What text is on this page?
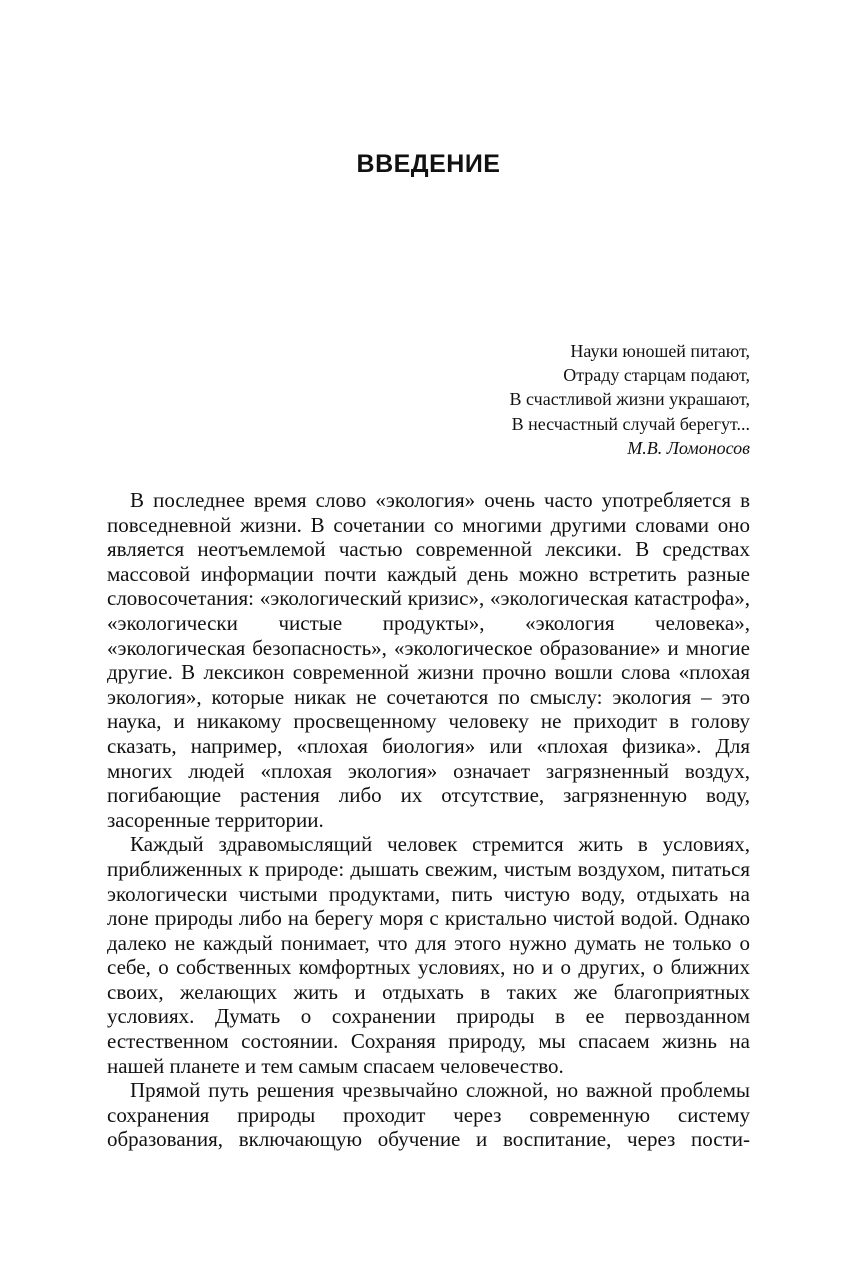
ВВЕДЕНИЕ
Науки юношей питают,
Отраду старцам подают,
В счастливой жизни украшают,
В несчастный случай берегут...
М.В. Ломоносов

В последнее время слово «экология» очень часто употребляется в повседневной жизни. В сочетании со многими другими словами оно является неотъемлемой частью современной лексики. В средствах массовой информации почти каждый день можно встретить разные словосочетания: «экологический кризис», «экологическая катастрофа», «экологически чистые продукты», «экология человека», «экологическая безопасность», «экологическое образование» и многие другие. В лексикон современной жизни прочно вошли слова «плохая экология», которые никак не сочетаются по смыслу: экология – это наука, и никакому просвещенному человеку не приходит в голову сказать, например, «плохая биология» или «плохая физика». Для многих людей «плохая экология» означает загрязненный воздух, погибающие растения либо их отсутствие, загрязненную воду, засоренные территории.

Каждый здравомыслящий человек стремится жить в условиях, приближенных к природе: дышать свежим, чистым воздухом, питаться экологически чистыми продуктами, пить чистую воду, отдыхать на лоне природы либо на берегу моря с кристально чистой водой. Однако далеко не каждый понимает, что для этого нужно думать не только о себе, о собственных комфортных условиях, но и о других, о ближних своих, желающих жить и отдыхать в таких же благоприятных условиях. Думать о сохранении природы в ее первозданном естественном состоянии. Сохраняя природу, мы спасаем жизнь на нашей планете и тем самым спасаем человечество.

Прямой путь решения чрезвычайно сложной, но важной проблемы сохранения природы проходит через современную систему образования, включающую обучение и воспитание, через пости-
